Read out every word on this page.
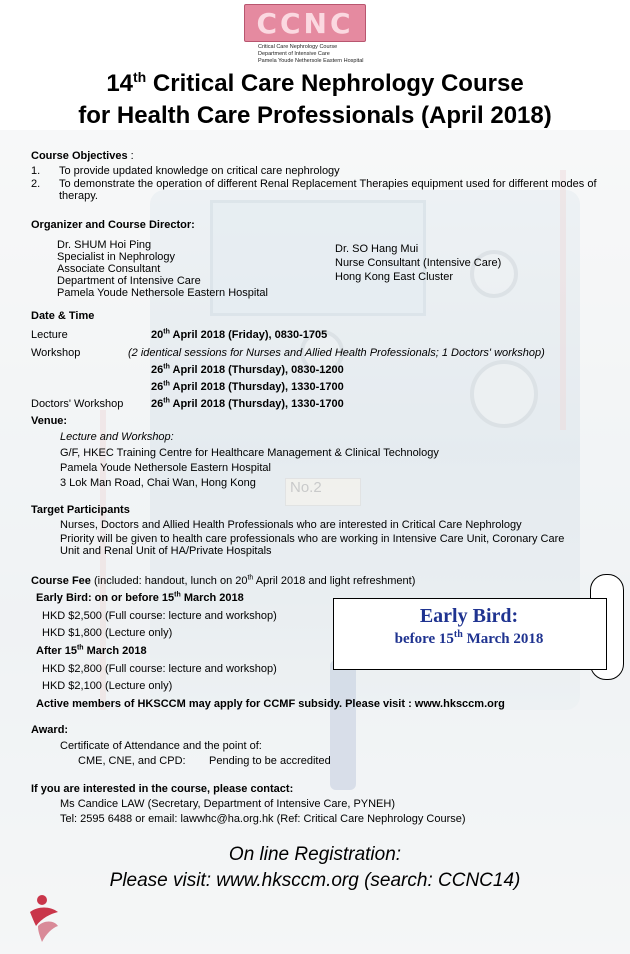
CCNC
Critical Care Nephrology Course
Department of Intensive Care
Pamela Youde Nethersole Eastern Hospital
14th Critical Care Nephrology Course
for Health Care Professionals (April 2018)
Course Objectives :
1. To provide updated knowledge on critical care nephrology
2. To demonstrate the operation of different Renal Replacement Therapies equipment used for different modes of therapy.
Organizer and Course Director:
Dr. SHUM Hoi Ping
Specialist in Nephrology
Associate Consultant
Department of Intensive Care
Pamela Youde Nethersole Eastern Hospital
Dr. SO Hang Mui
Nurse Consultant (Intensive Care)
Hong Kong East Cluster
Date & Time
Lecture	20th April 2018 (Friday), 0830-1705
Workshop	(2 identical sessions for Nurses and Allied Health Professionals; 1 Doctors' workshop)
26th April 2018 (Thursday), 0830-1200
26th April 2018 (Thursday), 1330-1700
Doctors' Workshop	26th April 2018 (Thursday), 1330-1700
Venue:
Lecture and Workshop:
G/F, HKEC Training Centre for Healthcare Management & Clinical Technology
Pamela Youde Nethersole Eastern Hospital
3 Lok Man Road, Chai Wan, Hong Kong
Target Participants
Nurses, Doctors and Allied Health Professionals who are interested in Critical Care Nephrology
Priority will be given to health care professionals who are working in Intensive Care Unit, Coronary Care Unit and Renal Unit of HA/Private Hospitals
Course Fee (included: handout, lunch on 20th April 2018 and light refreshment)
Early Bird: on or before 15th March 2018
HKD $2,500 (Full course: lecture and workshop)
HKD $1,800 (Lecture only)
After 15th March 2018
HKD $2,800 (Full course: lecture and workshop)
HKD $2,100 (Lecture only)
Active members of HKSCCM may apply for CCMF subsidy. Please visit : www.hksccm.org
Early Bird:
before 15th March 2018
Award:
Certificate of Attendance and the point of:
CME, CNE, and CPD: Pending to be accredited
If you are interested in the course, please contact:
Ms Candice LAW (Secretary, Department of Intensive Care, PYNEH)
Tel: 2595 6488 or email: lawwhc@ha.org.hk (Ref: Critical Care Nephrology Course)
On line Registration:
Please visit: www.hksccm.org (search: CCNC14)
